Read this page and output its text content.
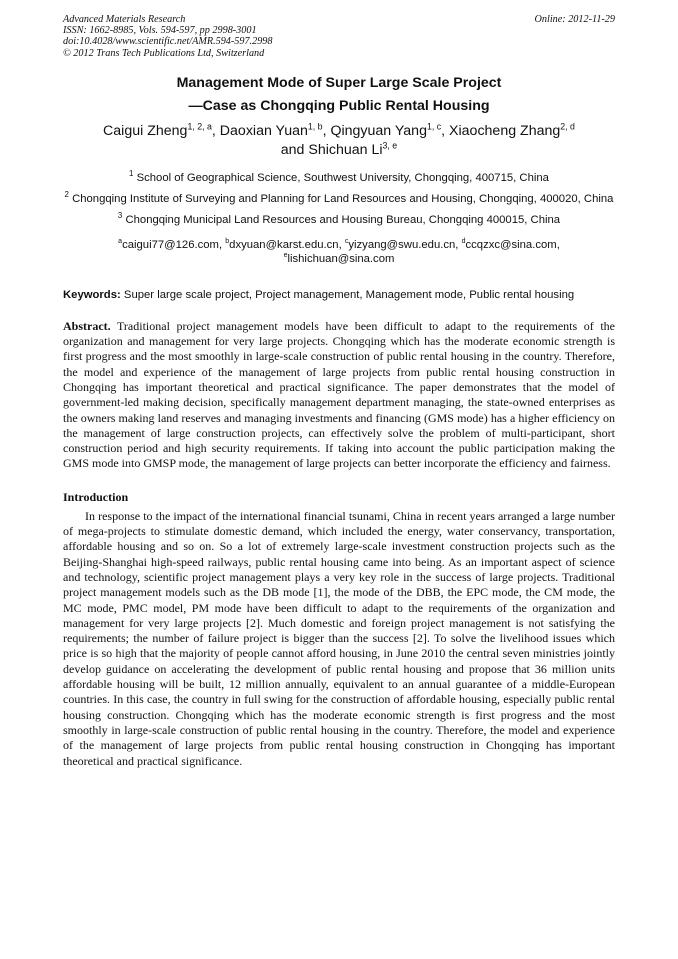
Advanced Materials Research
ISSN: 1662-8985, Vols. 594-597, pp 2998-3001
doi:10.4028/www.scientific.net/AMR.594-597.2998
© 2012 Trans Tech Publications Ltd, Switzerland
Online: 2012-11-29
Management Mode of Super Large Scale Project
—Case as Chongqing Public Rental Housing
Caigui Zheng$^{1, 2, a}$, Daoxian Yuan$^{1, b}$, Qingyuan Yang$^{1, c}$, Xiaocheng Zhang$^{2, d}$
and Shichuan Li$^{3, e}$
$^1$ School of Geographical Science, Southwest University, Chongqing, 400715, China
$^2$ Chongqing Institute of Surveying and Planning for Land Resources and Housing, Chongqing, 400020, China
$^3$ Chongqing Municipal Land Resources and Housing Bureau, Chongqing 400015, China
$^a$caigui77@126.com, $^b$dxyuan@karst.edu.cn, $^c$yizyang@swu.edu.cn, $^d$ccqzxc@sina.com,
$^e$lishichuan@sina.com
Keywords: Super large scale project, Project management, Management mode, Public rental housing
Abstract. Traditional project management models have been difficult to adapt to the requirements of the organization and management for very large projects. Chongqing which has the moderate economic strength is first progress and the most smoothly in large-scale construction of public rental housing in the country. Therefore, the model and experience of the management of large projects from public rental housing construction in Chongqing has important theoretical and practical significance. The paper demonstrates that the model of government-led making decision, specifically management department managing, the state-owned enterprises as the owners making land reserves and managing investments and financing (GMS mode) has a higher efficiency on the management of large construction projects, can effectively solve the problem of multi-participant, short construction period and high security requirements. If taking into account the public participation making the GMS mode into GMSP mode, the management of large projects can better incorporate the efficiency and fairness.
Introduction
In response to the impact of the international financial tsunami, China in recent years arranged a large number of mega-projects to stimulate domestic demand, which included the energy, water conservancy, transportation, affordable housing and so on. So a lot of extremely large-scale investment construction projects such as the Beijing-Shanghai high-speed railways, public rental housing came into being. As an important aspect of science and technology, scientific project management plays a very key role in the success of large projects. Traditional project management models such as the DB mode [1], the mode of the DBB, the EPC mode, the CM mode, the MC mode, PMC model, PM mode have been difficult to adapt to the requirements of the organization and management for very large projects [2]. Much domestic and foreign project management is not satisfying the requirements; the number of failure project is bigger than the success [2]. To solve the livelihood issues which price is so high that the majority of people cannot afford housing, in June 2010 the central seven ministries jointly develop guidance on accelerating the development of public rental housing and propose that 36 million units affordable housing will be built, 12 million annually, equivalent to an annual guarantee of a middle-European countries. In this case, the country in full swing for the construction of affordable housing, especially public rental housing construction. Chongqing which has the moderate economic strength is first progress and the most smoothly in large-scale construction of public rental housing in the country. Therefore, the model and experience of the management of large projects from public rental housing construction in Chongqing has important theoretical and practical significance.
